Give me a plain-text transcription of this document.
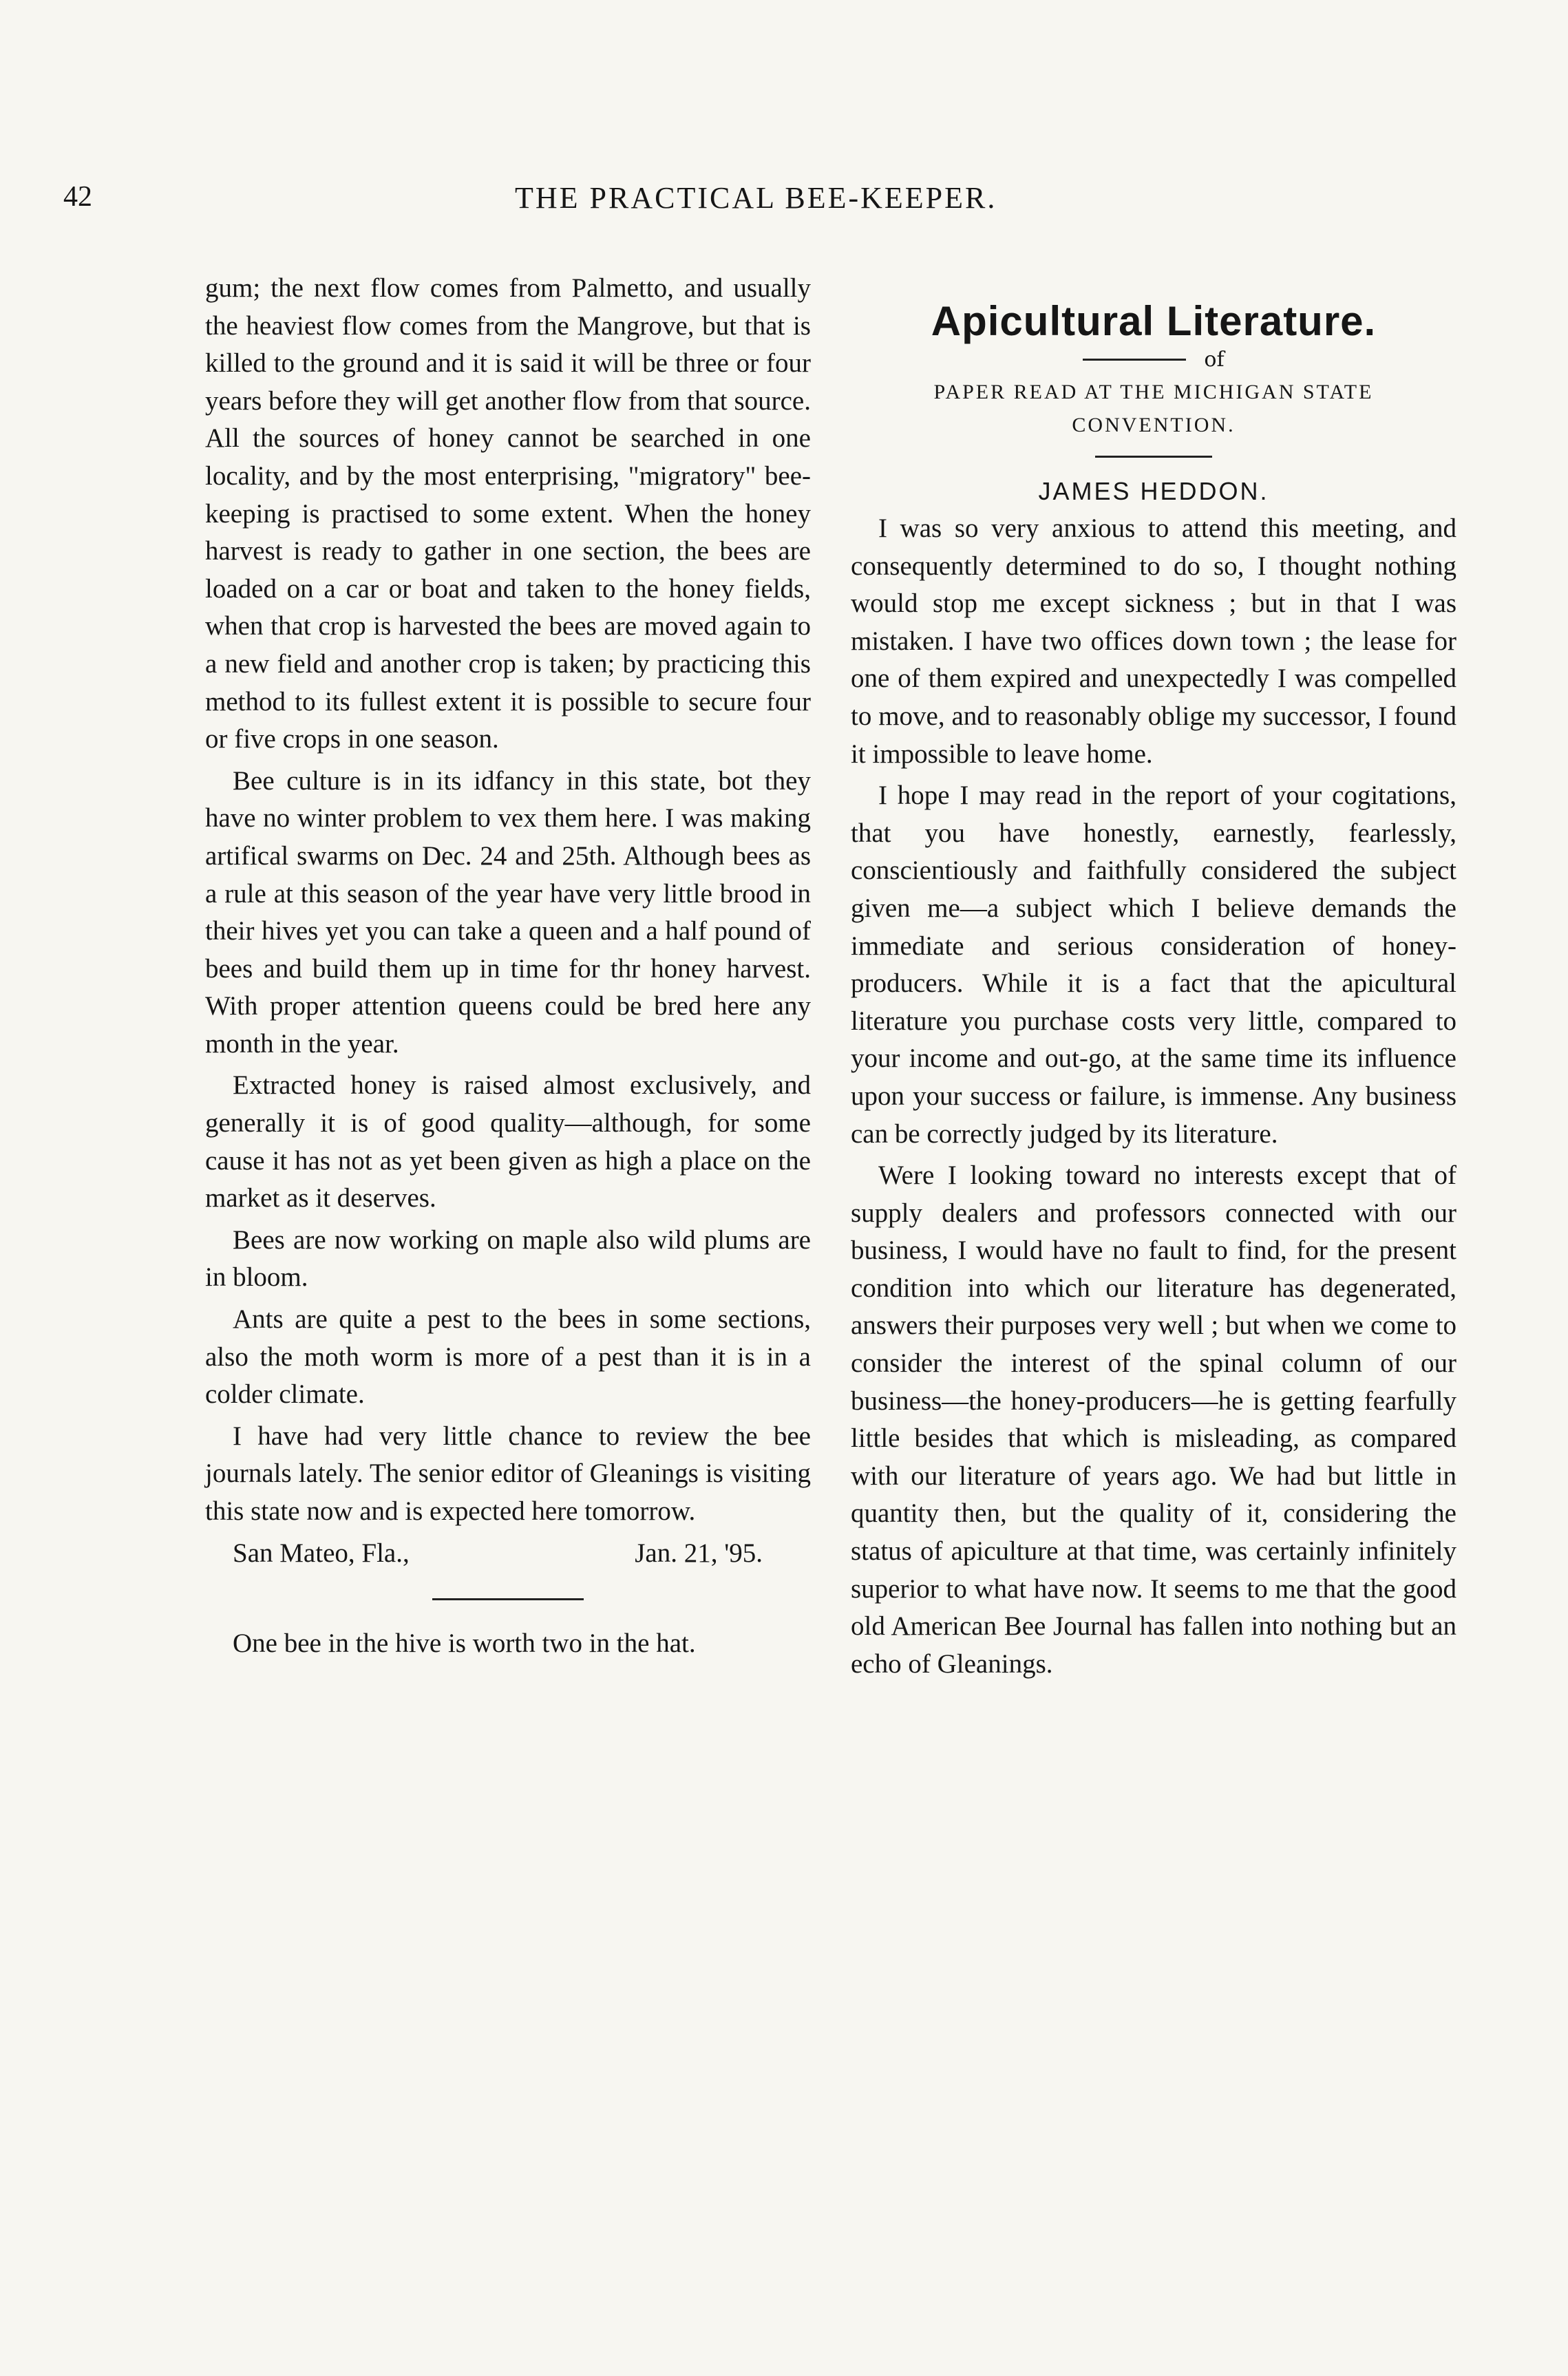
42	THE PRACTICAL BEE-KEEPER.

gum; the next flow comes from Palmetto, and usually the heaviest flow comes from the Mangrove, but that is killed to the ground and it is said it will be three or four years before they will get another flow from that source. All the sources of honey cannot be searched in one locality, and by the most enterprising, "migratory" bee-keeping is practised to some extent. When the honey harvest is ready to gather in one section, the bees are loaded on a car or boat and taken to the honey fields, when that crop is harvested the bees are moved again to a new field and another crop is taken; by practicing this method to its fullest extent it is possible to secure four or five crops in one season.

Bee culture is in its idfancy in this state, bot they have no winter problem to vex them here. I was making artifical swarms on Dec. 24 and 25th. Although bees as a rule at this season of the year have very little brood in their hives yet you can take a queen and a half pound of bees and build them up in time for thr honey harvest. With proper attention queens could be bred here any month in the year.

Extracted honey is raised almost exclusively, and generally it is of good quality—although, for some cause it has not as yet been given as high a place on the market as it deserves.

Bees are now working on maple also wild plums are in bloom.

Ants are quite a pest to the bees in some sections, also the moth worm is more of a pest than it is in a colder climate.

I have had very little chance to review the bee journals lately. The senior editor of Gleanings is visiting this state now and is expected here tomorrow.

San Mateo, Fla.,	Jan. 21, '95.

One bee in the hive is worth two in the hat.

Apicultural Literature.
of
PAPER READ AT THE MICHIGAN STATE
CONVENTION.
JAMES HEDDON.

I was so very anxious to attend this meeting, and consequently determined to do so, I thought nothing would stop me except sickness ; but in that I was mistaken. I have two offices down town ; the lease for one of them expired and unexpectedly I was compelled to move, and to reasonably oblige my successor, I found it impossible to leave home.

I hope I may read in the report of your cogitations, that you have honestly, earnestly, fearlessly, conscientiously and faithfully considered the subject given me—a subject which I believe demands the immediate and serious consideration of honey-producers. While it is a fact that the apicultural literature you purchase costs very little, compared to your income and out-go, at the same time its influence upon your success or failure, is immense. Any business can be correctly judged by its literature.

Were I looking toward no interests except that of supply dealers and professors connected with our business, I would have no fault to find, for the present condition into which our literature has degenerated, answers their purposes very well ; but when we come to consider the interest of the spinal column of our business—the honey-producers—he is getting fearfully little besides that which is misleading, as compared with our literature of years ago. We had but little in quantity then, but the quality of it, considering the status of apiculture at that time, was certainly infinitely superior to what have now. It seems to me that the good old American Bee Journal has fallen into nothing but an echo of Gleanings.
